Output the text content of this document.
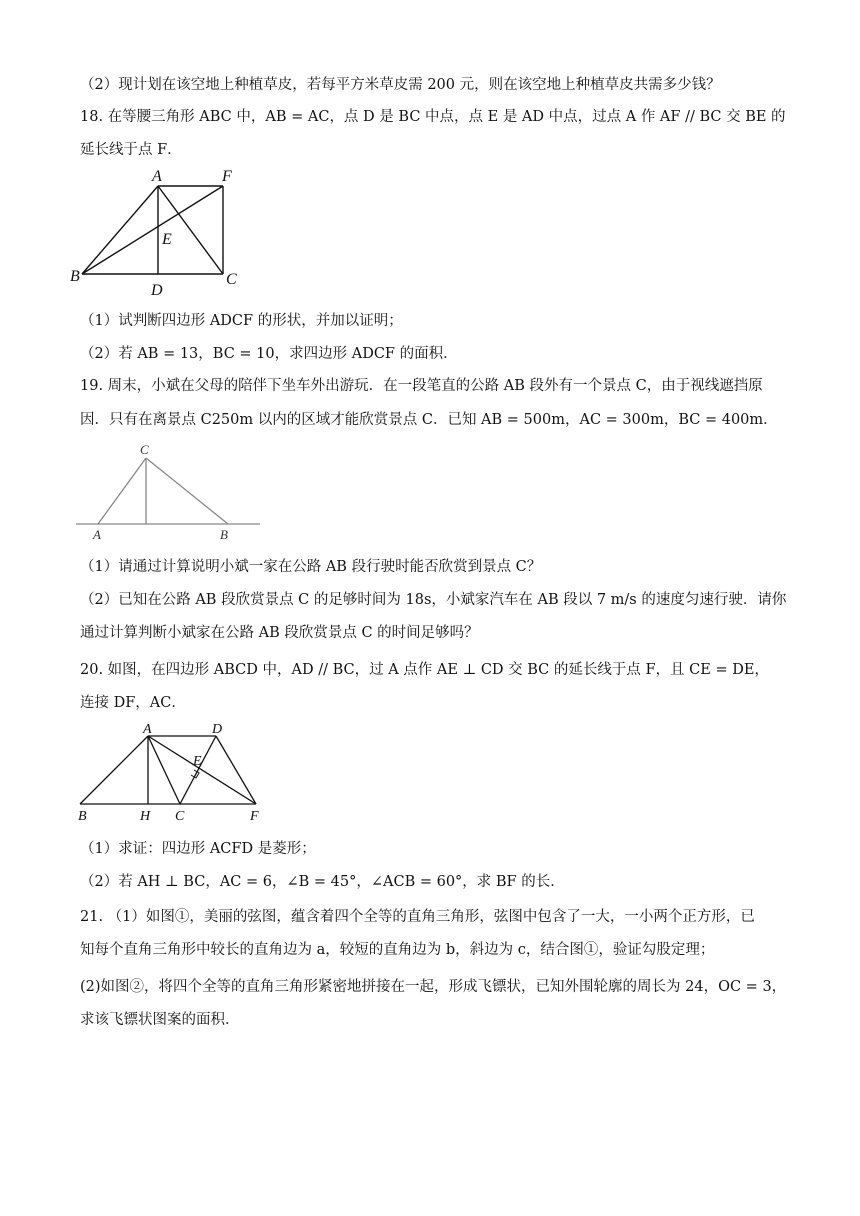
（2）现计划在该空地上种植草皮，若每平方米草皮需 200 元，则在该空地上种植草皮共需多少钱？
18. 在等腰三角形 ABC 中，AB = AC，点 D 是 BC 中点，点 E 是 AD 中点，过点 A 作 AF // BC 交 BE 的
延长线于点 F．
A	F
E
B
D
C
（1）试判断四边形 ADCF 的形状，并加以证明；
（2）若 AB = 13，BC = 10，求四边形 ADCF 的面积．
19. 周末，小斌在父母的陪伴下坐车外出游玩．在一段笔直的公路 AB 段外有一个景点 C，由于视线遮挡原
因．只有在离景点 C250m 以内的区域才能欣赏景点 C．已知 AB = 500m，AC = 300m，BC = 400m．
C
A	B
（1）请通过计算说明小斌一家在公路 AB 段行驶时能否欣赏到景点 C？
（2）已知在公路 AB 段欣赏景点 C 的足够时间为 18s，小斌家汽车在 AB 段以 7 m/s 的速度匀速行驶．请你
通过计算判断小斌家在公路 AB 段欣赏景点 C 的时间足够吗？
20. 如图，在四边形 ABCD 中，AD // BC，过 A 点作 AE ⊥ CD 交 BC 的延长线于点 F，且 CE = DE，
连接 DF，AC．
A	D
E
B	H C	F
（1）求证：四边形 ACFD 是菱形；
（2）若 AH ⊥ BC，AC = 6，∠B = 45°，∠ACB = 60°，求 BF 的长．
21. （1）如图①，美丽的弦图，蕴含着四个全等的直角三角形，弦图中包含了一大，一小两个正方形，已
知每个直角三角形中较长的直角边为 a，较短的直角边为 b，斜边为 c，结合图①，验证勾股定理；
(2)如图②，将四个全等的直角三角形紧密地拼接在一起，形成飞镖状，已知外围轮廓的周长为 24，OC = 3，
求该飞镖状图案的面积．
